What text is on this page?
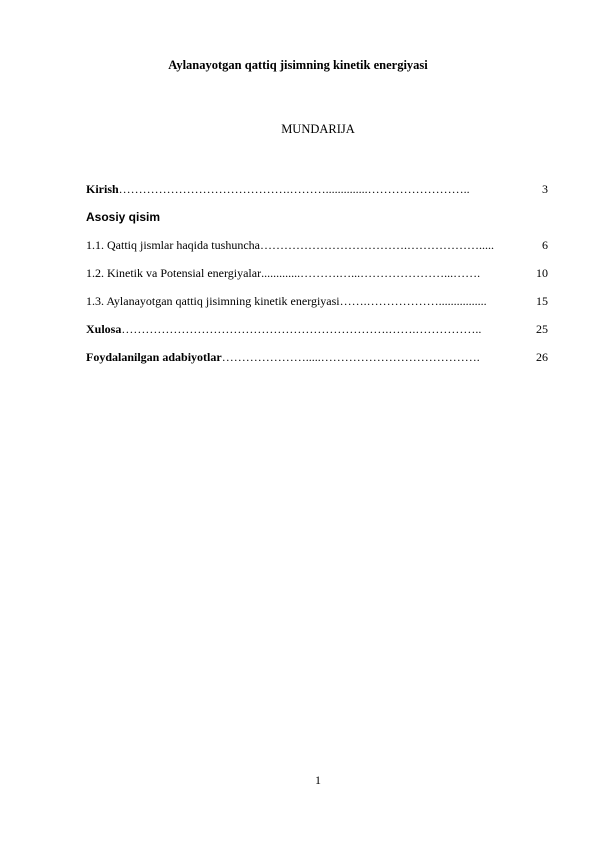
Aylanayotgan qattiq jisimning kinetik energiyasi
MUNDARIJA
Kirish …………………………………….………..............……………………..	3
Asosiy qisim
1.1. Qattiq jismlar haqida tushuncha ……………………………….……………….....	6
1.2. Kinetik va Potensial energiyalar .............……….…...…………………...…….	10
1.3. Aylanayotgan qattiq jisimning kinetik energiyasi …….………………................	15
Xulosa ………………………………………………………….…….……………..	25
Foydalanilgan adabiyotlar ………………….....………………………………….	26

1
